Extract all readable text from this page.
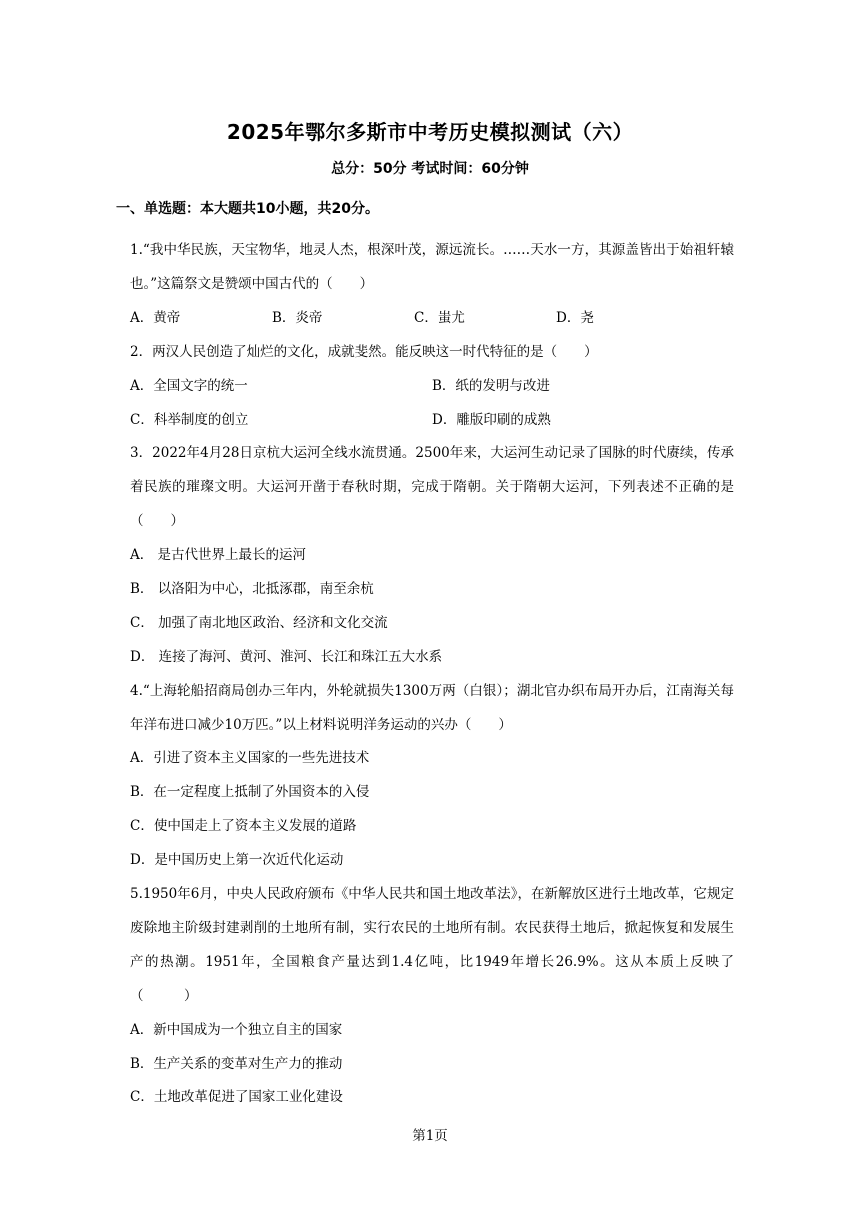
2025年鄂尔多斯市中考历史模拟测试（六）
总分：50分 考试时间：60分钟
一、单选题：本大题共10小题，共20分。

1.“我中华民族，天宝物华，地灵人杰，根深叶茂，源远流长。……天水一方，其源盖皆出于始祖轩辕也。”这篇祭文是赞颂中国古代的（　　）

A．黄帝	B．炎帝	C．蚩尤	D．尧

2．两汉人民创造了灿烂的文化，成就斐然。能反映这一时代特征的是（　　）

A．全国文字的统一	B．纸的发明与改进
C．科举制度的创立	D．雕版印刷的成熟

3．2022年4月28日京杭大运河全线水流贯通。2500年来，大运河生动记录了国脉的时代赓续，传承着民族的璀璨文明。大运河开凿于春秋时期，完成于隋朝。关于隋朝大运河，下列表述不正确的是（　　）

A． 是古代世界上最长的运河

B． 以洛阳为中心，北抵涿郡，南至余杭

C． 加强了南北地区政治、经济和文化交流

D． 连接了海河、黄河、淮河、长江和珠江五大水系

4.“上海轮船招商局创办三年内，外轮就损失1300万两（白银）；湖北官办织布局开办后，江南海关每年洋布进口减少10万匹。”以上材料说明洋务运动的兴办（　　）

A．引进了资本主义国家的一些先进技术

B．在一定程度上抵制了外国资本的入侵

C．使中国走上了资本主义发展的道路

D．是中国历史上第一次近代化运动

5.1950年6月，中央人民政府颁布《中华人民共和国土地改革法》，在新解放区进行土地改革，它规定废除地主阶级封建剥削的土地所有制，实行农民的土地所有制。农民获得土地后，掀起恢复和发展生产的热潮。1951年，全国粮食产量达到1.4亿吨，比1949年增长26.9%。这从本质上反映了（　　　）

A．新中国成为一个独立自主的国家

B．生产关系的变革对生产力的推动

C．土地改革促进了国家工业化建设

第1页
